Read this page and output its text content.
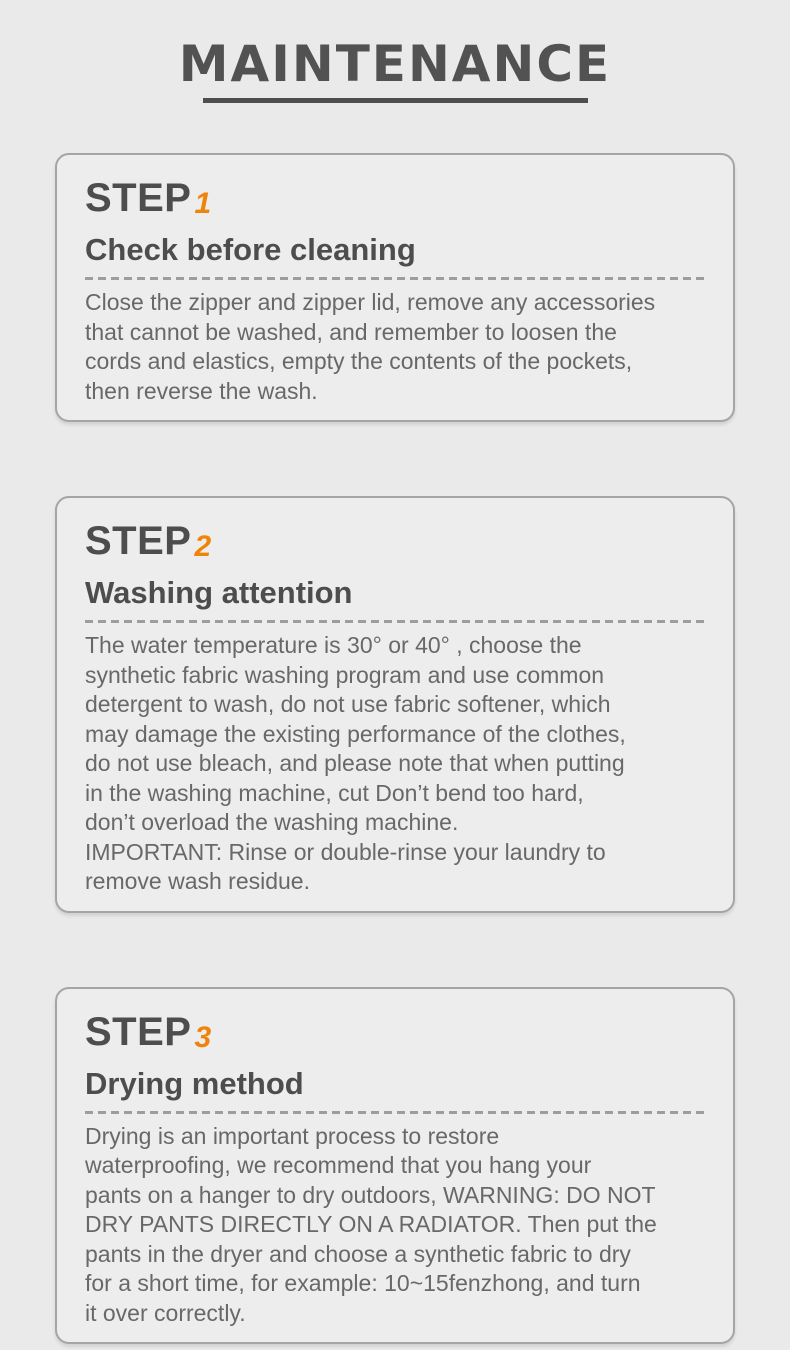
MAINTENANCE
STEP 1
Check before cleaning
Close the zipper and zipper lid, remove any accessories
that cannot be washed, and remember to loosen the
cords and elastics, empty the contents of the pockets,
then reverse the wash.
STEP 2
Washing attention
The water temperature is 30° or 40° , choose the
synthetic fabric washing program and use common
detergent to wash, do not use fabric softener, which
may damage the existing performance of the clothes,
do not use bleach, and please note that when putting
in the washing machine, cut Don’t bend too hard,
don’t overload the washing machine.
IMPORTANT: Rinse or double-rinse your laundry to
remove wash residue.
STEP 3
Drying method
Drying is an important process to restore
waterproofing, we recommend that you hang your
pants on a hanger to dry outdoors, WARNING: DO NOT
DRY PANTS DIRECTLY ON A RADIATOR. Then put the
pants in the dryer and choose a synthetic fabric to dry
for a short time, for example: 10~15fenzhong, and turn
it over correctly.
